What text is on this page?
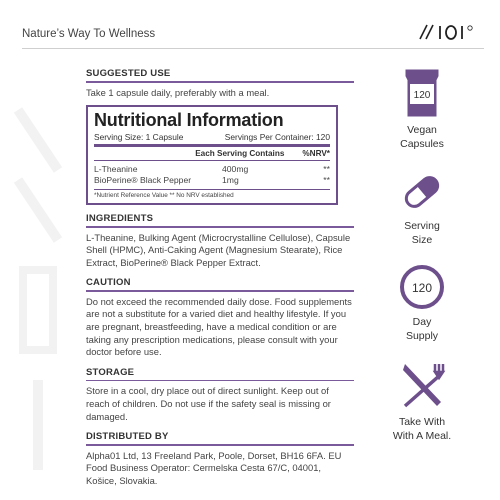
Nature’s Way To Wellness
SUGGESTED USE
Take 1 capsule daily, preferably with a meal.
Nutritional Information
Serving Size: 1 Capsule	Servings Per Container: 120
Each Serving Contains %NRV*
L-Theanine	400mg	**
BioPerine® Black Pepper	1mg	**
*Nutrient Reference Value ** No NRV established
INGREDIENTS
L-Theanine, Bulking Agent (Microcrystalline Cellulose), Capsule Shell (HPMC), Anti-Caking Agent (Magnesium Stearate), Rice Extract, BioPerine® Black Pepper Extract.
CAUTION
Do not exceed the recommended daily dose. Food supplements are not a substitute for a varied diet and healthy lifestyle. If you are pregnant, breastfeeding, have a medical condition or are taking any prescription medications, please consult with your doctor before use.
STORAGE
Store in a cool, dry place out of direct sunlight. Keep out of reach of children. Do not use if the safety seal is missing or damaged.
DISTRIBUTED BY
Alpha01 Ltd, 13 Freeland Park, Poole, Dorset, BH16 6FA. EU Food Business Operator: Cermelska Cesta 67/C, 04001, Košice, Slovakia.
120
Vegan
Capsules
Serving
Size
120
Day
Supply
Take With
With A Meal.
